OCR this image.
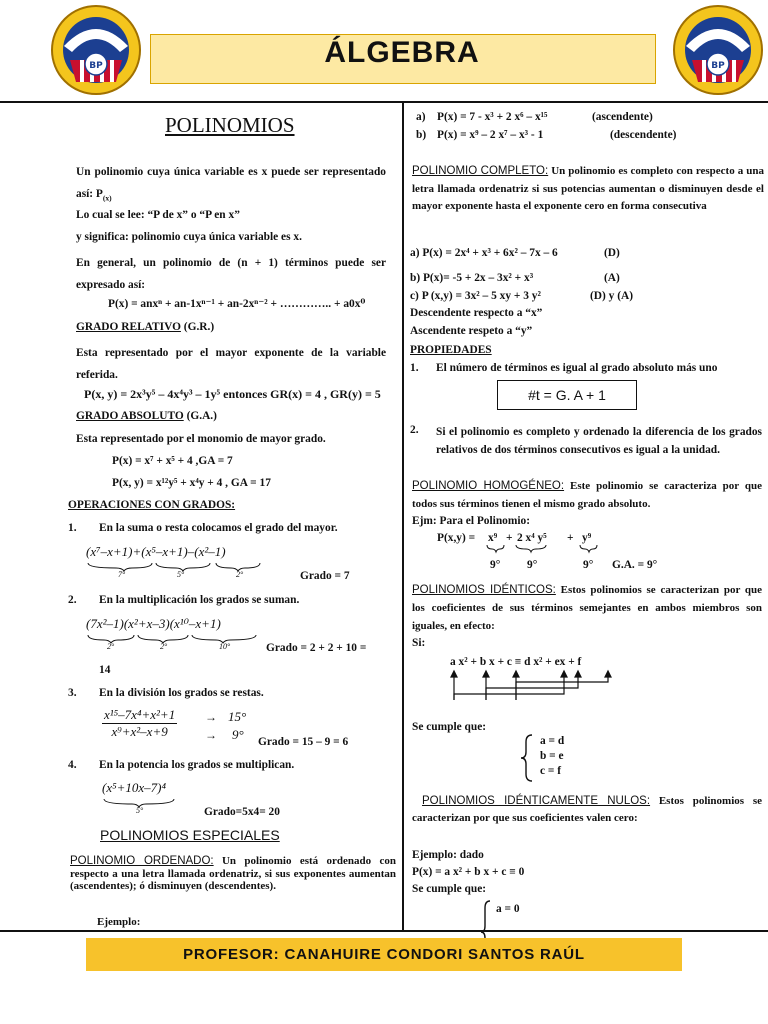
BP	BP
ÁLGEBRA
POLINOMIOS
Un polinomio cuya única variable es x puede ser representado así: $P_{(x)}$
Lo cual se lee: “P de x” o “P en x”
y significa: polinomio cuya única variable es x.
En general, un polinomio de (n + 1) términos puede ser expresado así:
P(x) = anxⁿ + an-1xⁿ⁻¹ + an-2xⁿ⁻² + ………….. + a0x⁰
GRADO RELATIVO (G.R.)
Esta representado por el mayor exponente de la variable referida.
P(x, y) = 2x³y⁵ – 4x⁴y³ – 1y⁵ entonces GR(x) = 4 , GR(y) = 5
GRADO ABSOLUTO (G.A.)
Esta representado por el monomio de mayor grado.
P(x) = x⁷ + x⁵ + 4 ,GA = 7
P(x, y) = x¹²y⁵ + x⁴y + 4 , GA = 17
OPERACIONES CON GRADOS:
1. En la suma o resta colocamos el grado del mayor.
(x⁷–x+1)+(x⁵–x+1)–(x²–1)
7°	5°	2°	Grado = 7
2. En la multiplicación los grados se suman.
(7x²–1)(x²+x–3)(x¹⁰–x+1)
2°	2°	10°	Grado = 2 + 2 + 10 =
14
3. En la división los grados se restas.
$\frac{\text{x¹⁵–7x⁴+x²+1}}{\text{x⁹+x²–x+9}} \to 15^\circ$
→ 9° Grado = 15 – 9 = 6
4. En la potencia los grados se multiplican.
(x⁵+10x–7)⁴
5°	Grado=5x4= 20
POLINOMIOS ESPECIALES
POLINOMIO ORDENADO: Un polinomio está ordenado con respecto a una letra llamada ordenatriz, si sus exponentes aumentan (ascendentes); ó disminuyen (descendentes).
Ejemplo:
a) P(x) = 7 - x³ + 2 x⁶ – x¹⁵	(ascendente)
b) P(x) = x⁹ – 2 x⁷ – x³ - 1	(descendente)
POLINOMIO COMPLETO: Un polinomio es completo con respecto a una letra llamada ordenatriz si sus potencias aumentan o disminuyen desde el mayor exponente hasta el exponente cero en forma consecutiva
a) P(x) = 2x⁴ + x³ + 6x² – 7x – 6	(D)
b) P(x)= -5 + 2x – 3x² + x³	(A)
c) P (x,y) = 3x² – 5 xy + 3 y²	(D) y (A)
Descendente respecto a “x”
Ascendente respeto a “y”
PROPIEDADES
1. El número de términos es igual al grado absoluto más uno
#t = G. A + 1
2. Si el polinomio es completo y ordenado la diferencia de los grados relativos de dos términos consecutivos es igual a la unidad.
POLINOMIO HOMOGÉNEO: Este polinomio se caracteriza por que todos sus términos tienen el mismo grado absoluto.
Ejm: Para el Polinomio:
P(x,y) = x⁹ + 2 x⁴ y⁵ + y⁹
9° 9°	9° G.A. = 9°
POLINOMIOS IDÉNTICOS: Estos polinomios se caracterizan por que los coeficientes de sus términos semejantes en ambos miembros son iguales, en efecto:
Si:
a x² + b x + c ≡ d x² + ex + f
Se cumple que:
a = d
b = e
c = f
POLINOMIOS IDÉNTICAMENTE NULOS: Estos polinomios se caracterizan por que sus coeficientes valen cero:
Ejemplo: dado
P(x) = a x² + b x + c ≡ 0
Se cumple que:
a = 0
PROFESOR: CANAHUIRE CONDORI SANTOS RAÚL
